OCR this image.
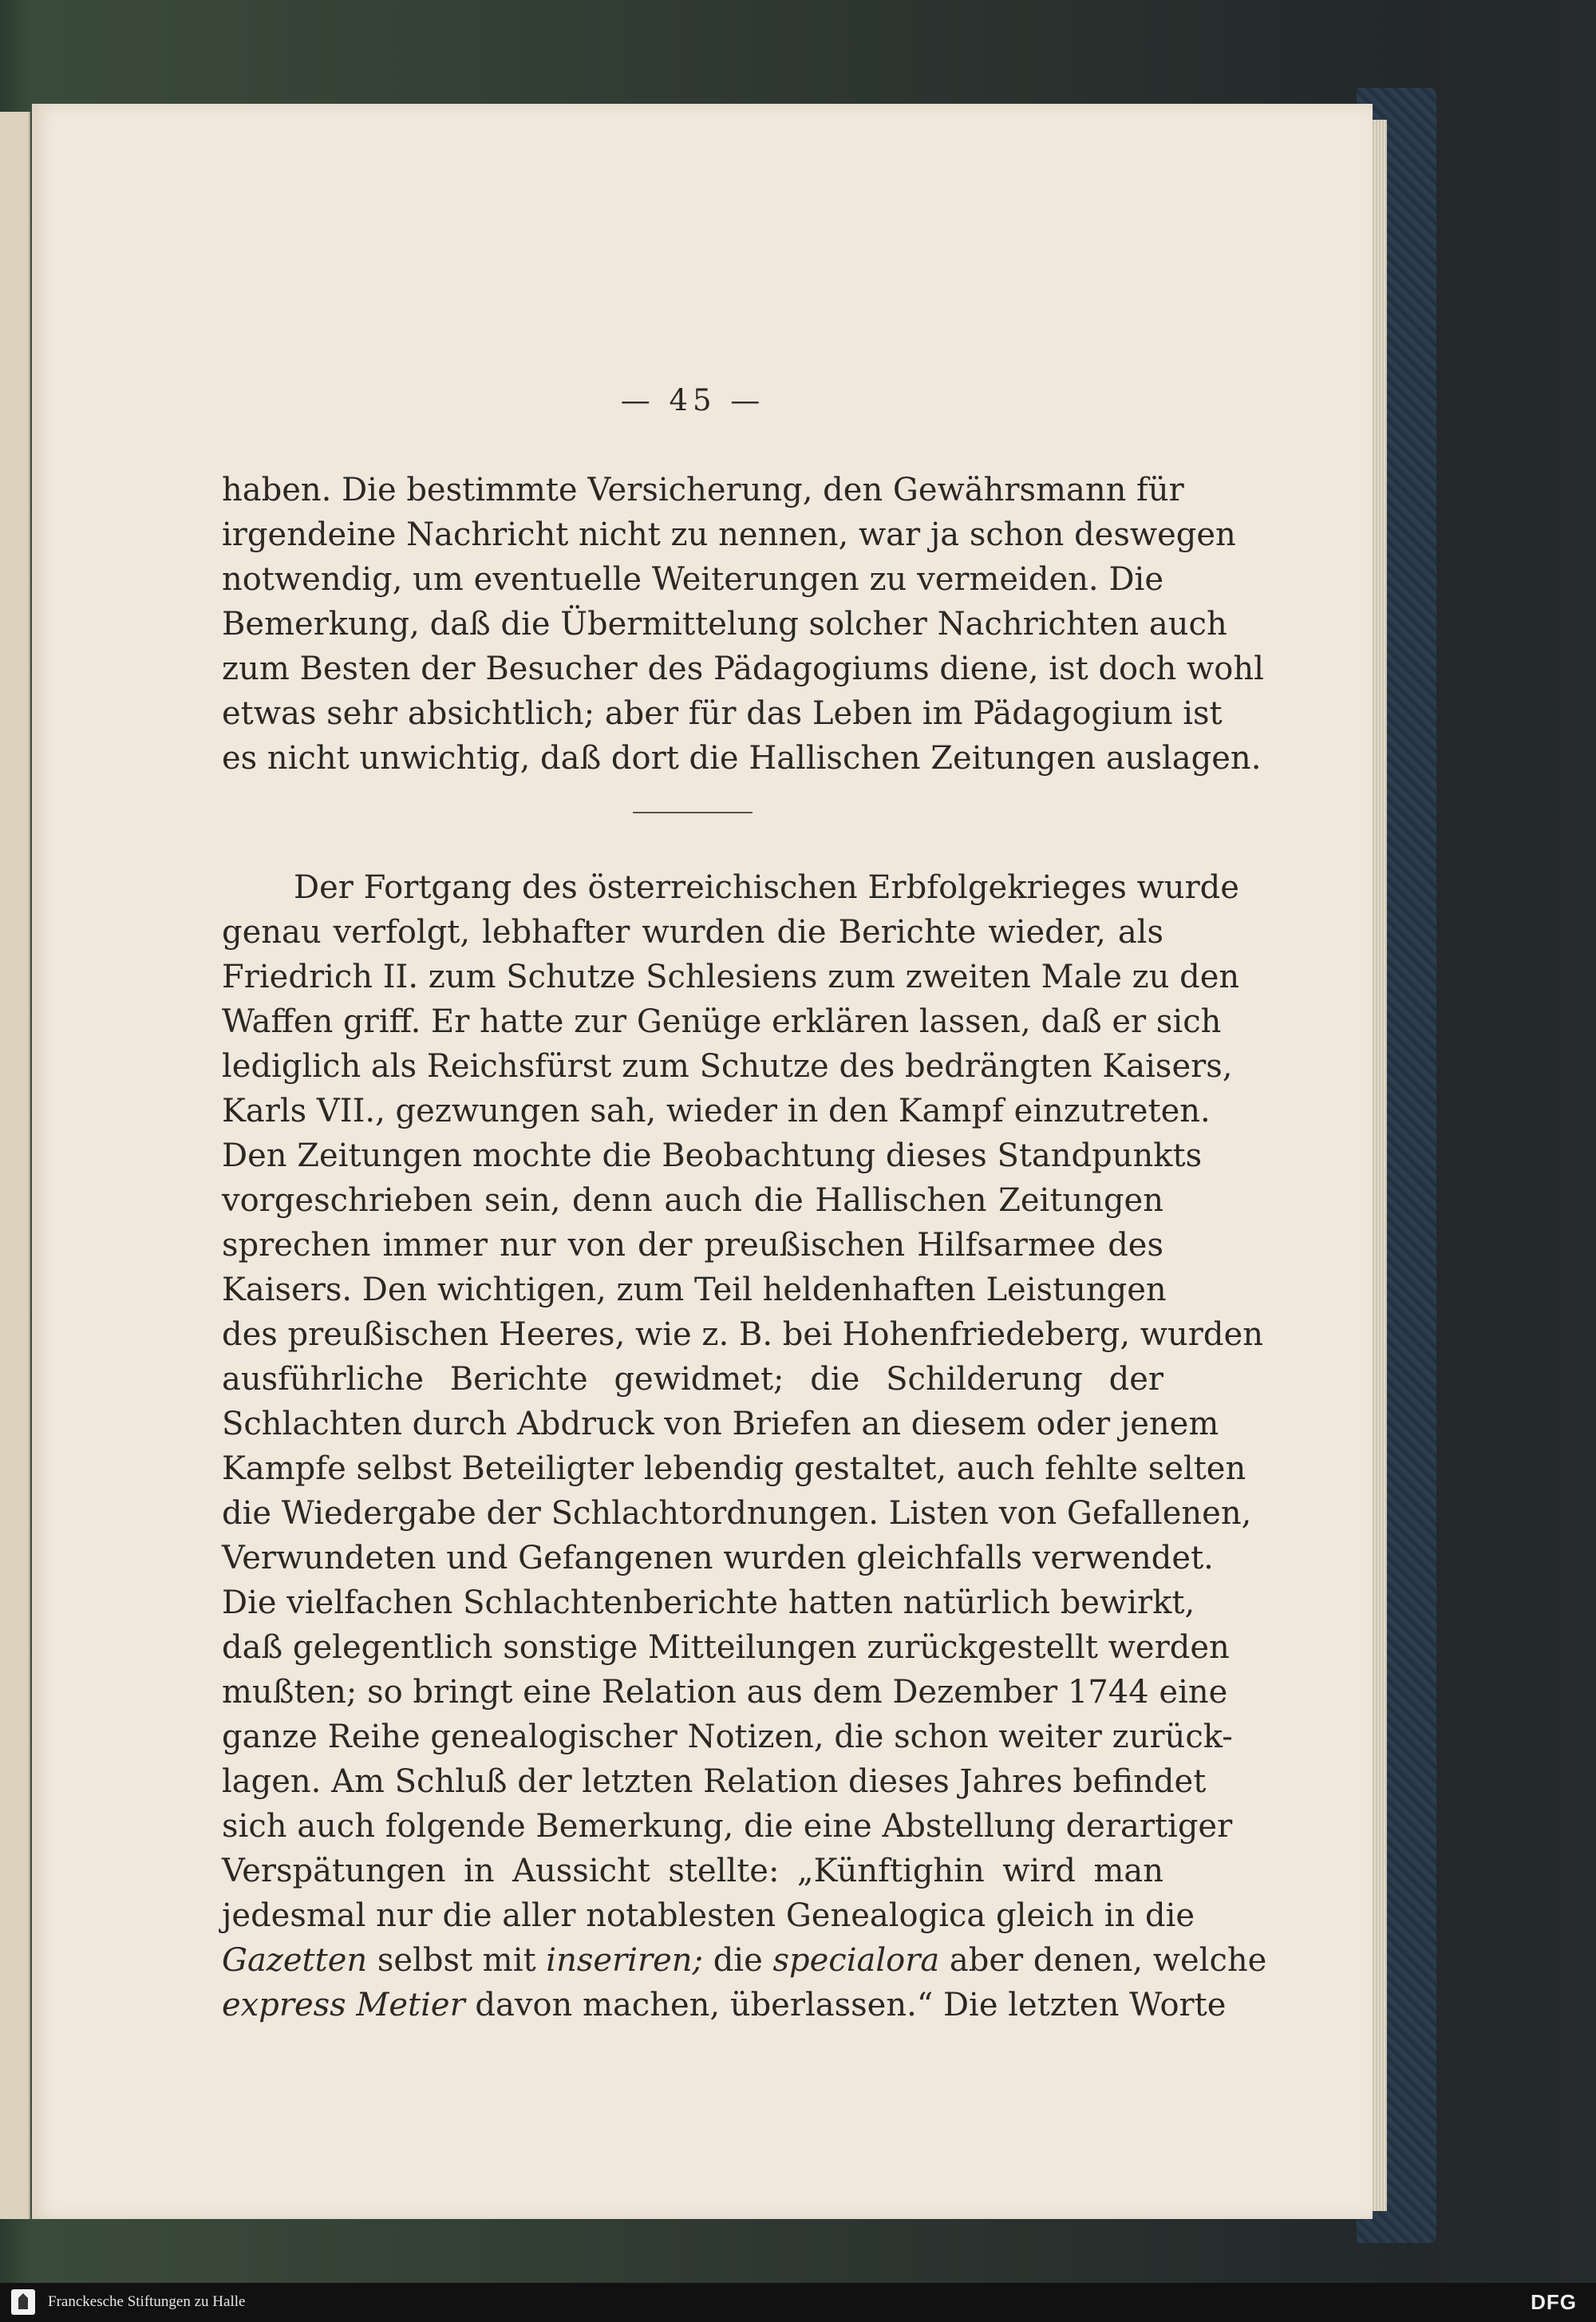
— 45 —
haben. Die bestimmte Versicherung, den Gewährsmann für
irgendeine Nachricht nicht zu nennen, war ja schon deswegen
notwendig, um eventuelle Weiterungen zu vermeiden. Die
Bemerkung, daß die Übermittelung solcher Nachrichten auch
zum Besten der Besucher des Pädagogiums diene, ist doch wohl
etwas sehr absichtlich; aber für das Leben im Pädagogium ist
es nicht unwichtig, daß dort die Hallischen Zeitungen auslagen.
Der Fortgang des österreichischen Erbfolgekrieges wurde
genau verfolgt, lebhafter wurden die Berichte wieder, als
Friedrich II. zum Schutze Schlesiens zum zweiten Male zu den
Waffen griff. Er hatte zur Genüge erklären lassen, daß er sich
lediglich als Reichsfürst zum Schutze des bedrängten Kaisers,
Karls VII., gezwungen sah, wieder in den Kampf einzutreten.
Den Zeitungen mochte die Beobachtung dieses Standpunkts
vorgeschrieben sein, denn auch die Hallischen Zeitungen
sprechen immer nur von der preußischen Hilfsarmee des
Kaisers. Den wichtigen, zum Teil heldenhaften Leistungen
des preußischen Heeres, wie z. B. bei Hohenfriedeberg, wurden
ausführliche Berichte gewidmet; die Schilderung der
Schlachten durch Abdruck von Briefen an diesem oder jenem
Kampfe selbst Beteiligter lebendig gestaltet, auch fehlte selten
die Wiedergabe der Schlachtordnungen. Listen von Gefallenen,
Verwundeten und Gefangenen wurden gleichfalls verwendet.
Die vielfachen Schlachtenberichte hatten natürlich bewirkt,
daß gelegentlich sonstige Mitteilungen zurückgestellt werden
mußten; so bringt eine Relation aus dem Dezember 1744 eine
ganze Reihe genealogischer Notizen, die schon weiter zurück-
lagen. Am Schluß der letzten Relation dieses Jahres befindet
sich auch folgende Bemerkung, die eine Abstellung derartiger
Verspätungen in Aussicht stellte: „Künftighin wird man
jedesmal nur die aller notablesten Genealogica gleich in die
Gazetten selbst mit inseriren; die specialora aber denen, welche
express Metier davon machen, überlassen.“ Die letzten Worte
Franckesche Stiftungen zu Halle	DFG
